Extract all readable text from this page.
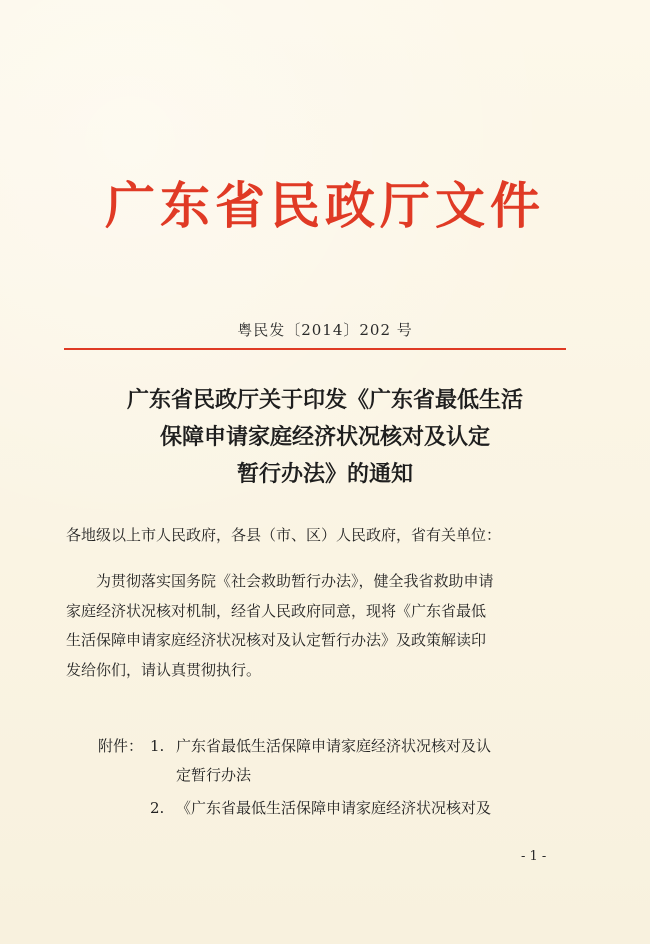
广东省民政厅文件
粤民发〔2014〕202 号
广东省民政厅关于印发《广东省最低生活
保障申请家庭经济状况核对及认定
暂行办法》的通知
各地级以上市人民政府，各县（市、区）人民政府，省有关单位：
为贯彻落实国务院《社会救助暂行办法》，健全我省救助申请
家庭经济状况核对机制，经省人民政府同意，现将《广东省最低
生活保障申请家庭经济状况核对及认定暂行办法》及政策解读印
发给你们，请认真贯彻执行。
附件： 1. 广东省最低生活保障申请家庭经济状况核对及认
定暂行办法
2. 《广东省最低生活保障申请家庭经济状况核对及
- 1 -
